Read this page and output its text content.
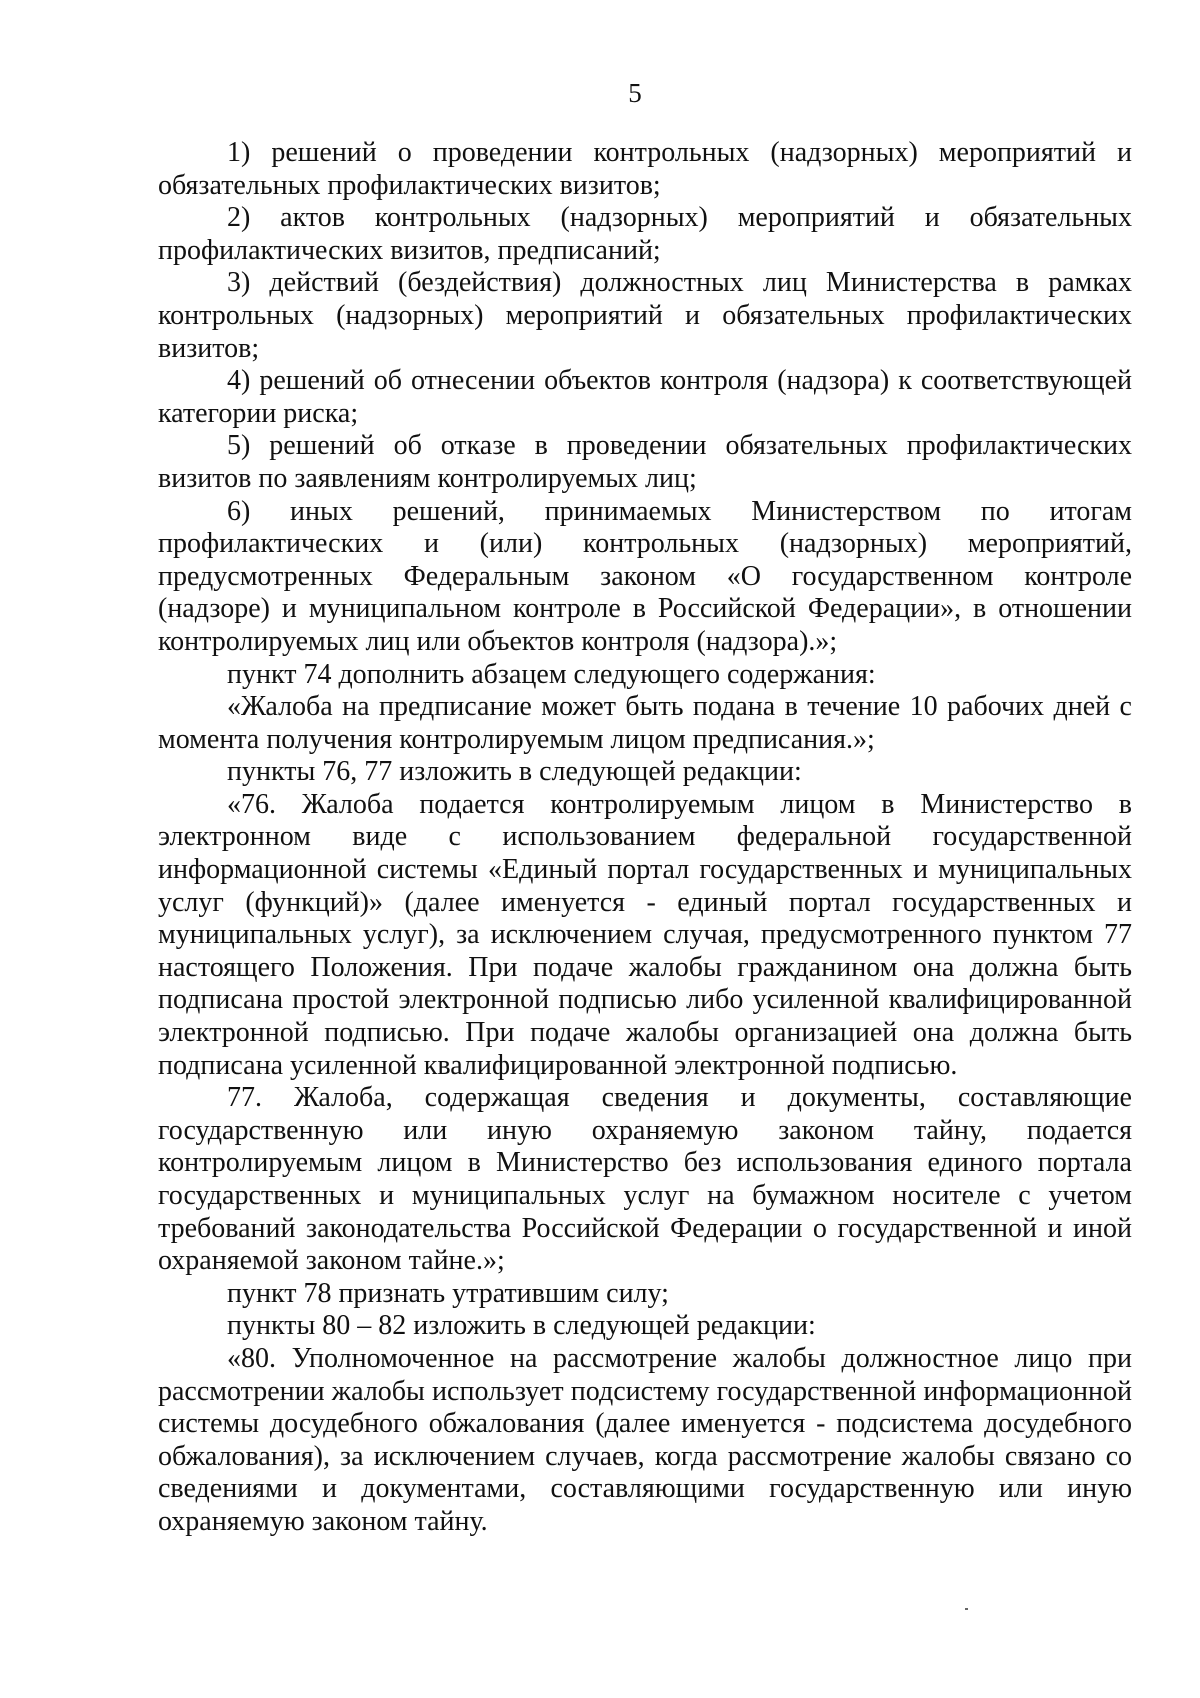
5

1) решений о проведении контрольных (надзорных) мероприятий и обязательных профилактических визитов;

2) актов контрольных (надзорных) мероприятий и обязательных профилактических визитов, предписаний;

3) действий (бездействия) должностных лиц Министерства в рамках контрольных (надзорных) мероприятий и обязательных профилактических визитов;

4) решений об отнесении объектов контроля (надзора) к соответствующей категории риска;

5) решений об отказе в проведении обязательных профилактических визитов по заявлениям контролируемых лиц;

6) иных решений, принимаемых Министерством по итогам профилактических и (или) контрольных (надзорных) мероприятий, предусмотренных Федеральным законом «О государственном контроле (надзоре) и муниципальном контроле в Российской Федерации», в отношении контролируемых лиц или объектов контроля (надзора).»;

пункт 74 дополнить абзацем следующего содержания:

«Жалоба на предписание может быть подана в течение 10 рабочих дней с момента получения контролируемым лицом предписания.»;

пункты 76, 77 изложить в следующей редакции:

«76. Жалоба подается контролируемым лицом в Министерство в электронном виде с использованием федеральной государственной информационной системы «Единый портал государственных и муниципальных услуг (функций)» (далее именуется - единый портал государственных и муниципальных услуг), за исключением случая, предусмотренного пунктом 77 настоящего Положения. При подаче жалобы гражданином она должна быть подписана простой электронной подписью либо усиленной квалифицированной электронной подписью. При подаче жалобы организацией она должна быть подписана усиленной квалифицированной электронной подписью.

77. Жалоба, содержащая сведения и документы, составляющие государственную или иную охраняемую законом тайну, подается контролируемым лицом в Министерство без использования единого портала государственных и муниципальных услуг на бумажном носителе с учетом требований законодательства Российской Федерации о государственной и иной охраняемой законом тайне.»;

пункт 78 признать утратившим силу;

пункты 80 – 82 изложить в следующей редакции:

«80. Уполномоченное на рассмотрение жалобы должностное лицо при рассмотрении жалобы использует подсистему государственной информационной системы досудебного обжалования (далее именуется - подсистема досудебного обжалования), за исключением случаев, когда рассмотрение жалобы связано со сведениями и документами, составляющими государственную или иную охраняемую законом тайну.
